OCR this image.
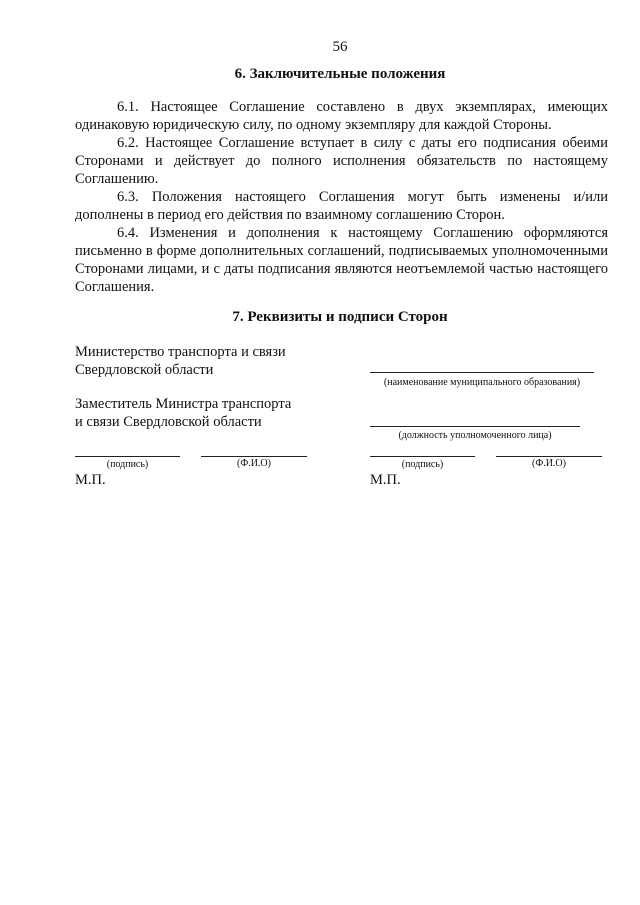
56
6. Заключительные положения

6.1. Настоящее Соглашение составлено в двух экземплярах, имеющих одинаковую юридическую силу, по одному экземпляру для каждой Стороны.

6.2. Настоящее Соглашение вступает в силу с даты его подписания обеими Сторонами и действует до полного исполнения обязательств по настоящему Соглашению.

6.3. Положения настоящего Соглашения могут быть изменены и/или дополнены в период его действия по взаимному соглашению Сторон.

6.4. Изменения и дополнения к настоящему Соглашению оформляются письменно в форме дополнительных соглашений, подписываемых уполномоченными Сторонами лицами, и с даты подписания являются неотъемлемой частью настоящего Соглашения.

7. Реквизиты и подписи Сторон
Министерство транспорта и связи
Свердловской области
Заместитель Министра транспорта
и связи Свердловской области
(подпись)	(Ф.И.О)
М.П.
(наименование муниципального образования)
(должность уполномоченного лица)
(подпись)	(Ф.И.О)
М.П.
